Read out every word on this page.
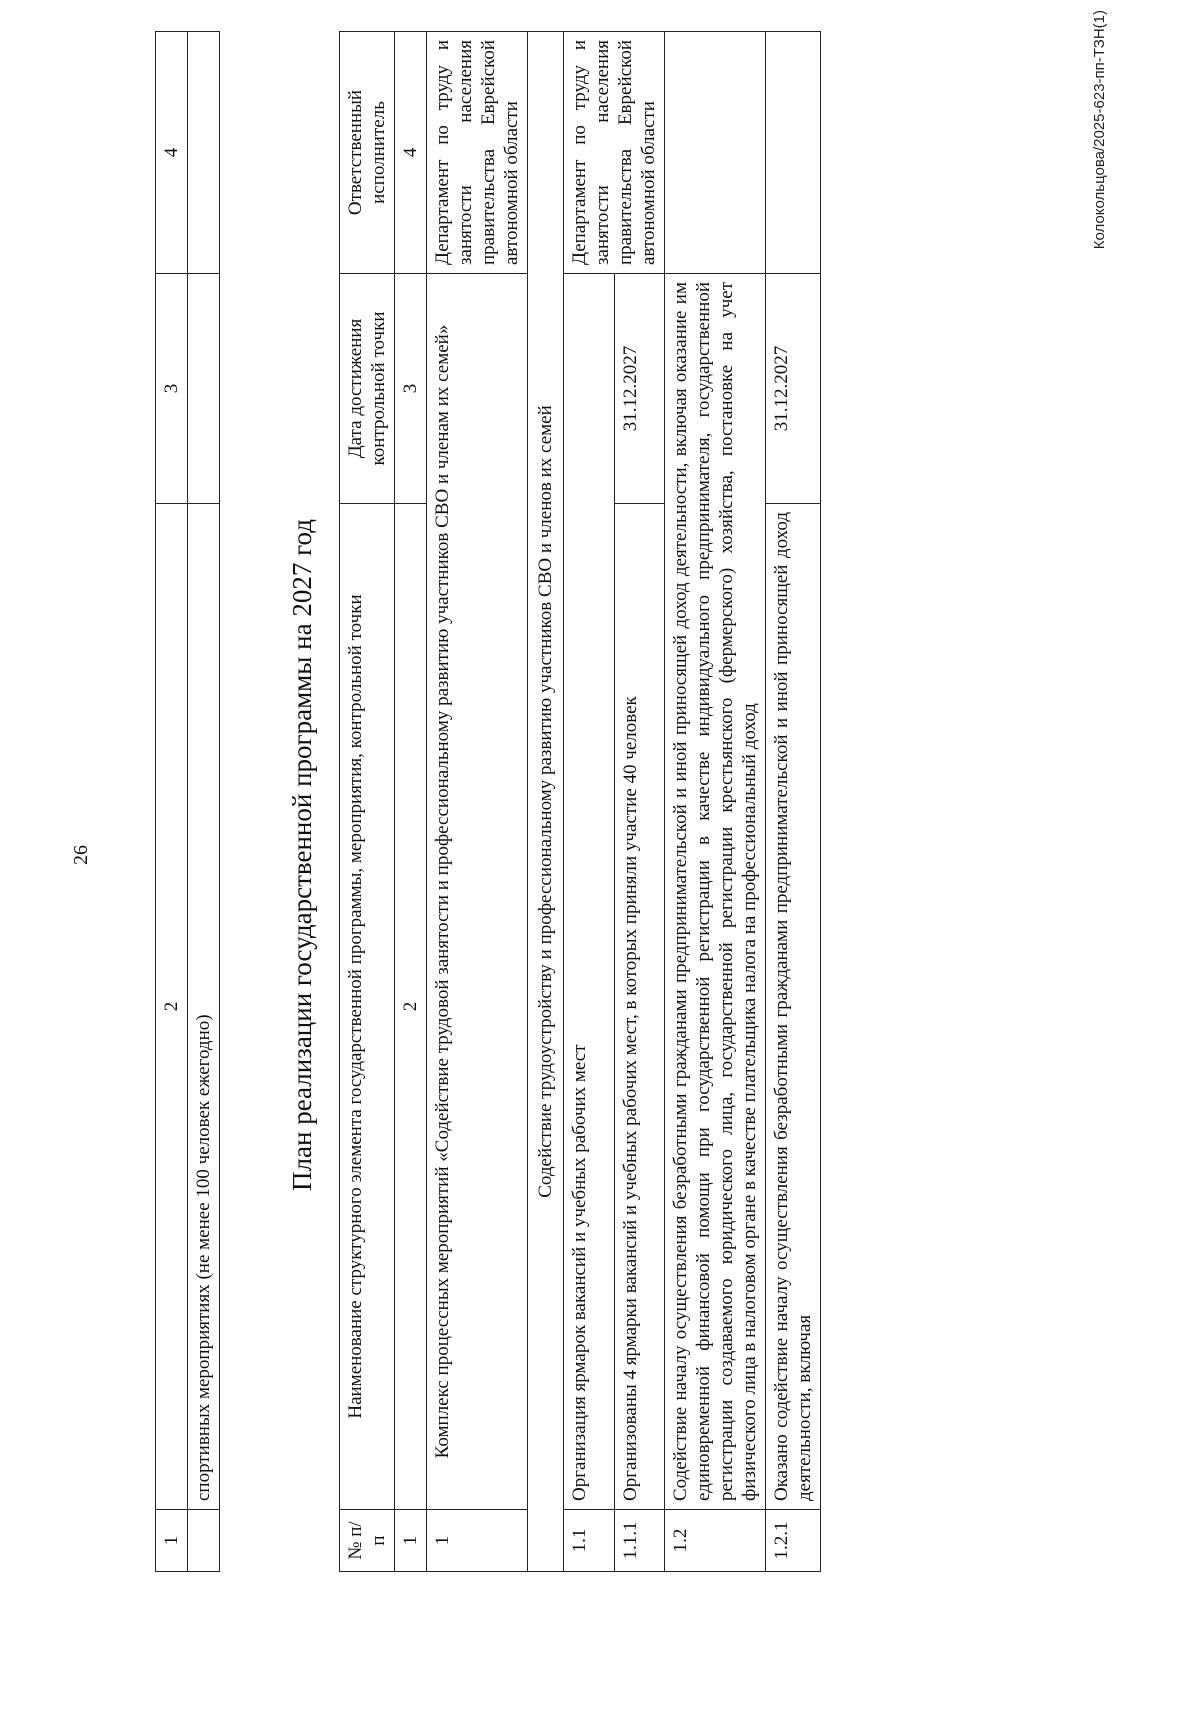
26
1	2	3	4
	спортивных мероприятиях (не менее 100 человек ежегодно)		
План реализации государственной программы на 2027 год
№ п/п	Наименование структурного элемента государственной программы, мероприятия, контрольной точки	Дата достижения контрольной точки	Ответственный исполнитель
1	2	3	4
1	Комплекс процессных мероприятий «Содействие трудовой занятости и профессиональному развитию участников СВО и членам их семей»		Департамент по труду и занятости населения правительства Еврейской автономной области
Содействие трудоустройству и профессиональному развитию участников СВО и членов их семей			
1.1	Организация ярмарок вакансий и учебных рабочих мест		Департамент по труду и занятости населения правительства Еврейской автономной области
1.1.1	Организованы 4 ярмарки вакансий и учебных рабочих мест, в которых приняли участие 40 человек	31.12.2027	
1.2	Содействие началу осуществления безработными гражданами предпринимательской и иной приносящей доход деятельности, включая оказание им единовременной финансовой помощи при государственной регистрации в качестве индивидуального предпринимателя, государственной регистрации создаваемого юридического лица, государственной регистрации крестьянского (фермерского) хозяйства, постановке на учет физического лица в налоговом органе в качестве плательщика налога на профессиональный доход		
1.2.1	Оказано содействие началу осуществления безработными гражданами предпринимательской и иной приносящей доход деятельности, включая	31.12.2027	
Колокольцова/2025-623-пп-ТЗН(1)
